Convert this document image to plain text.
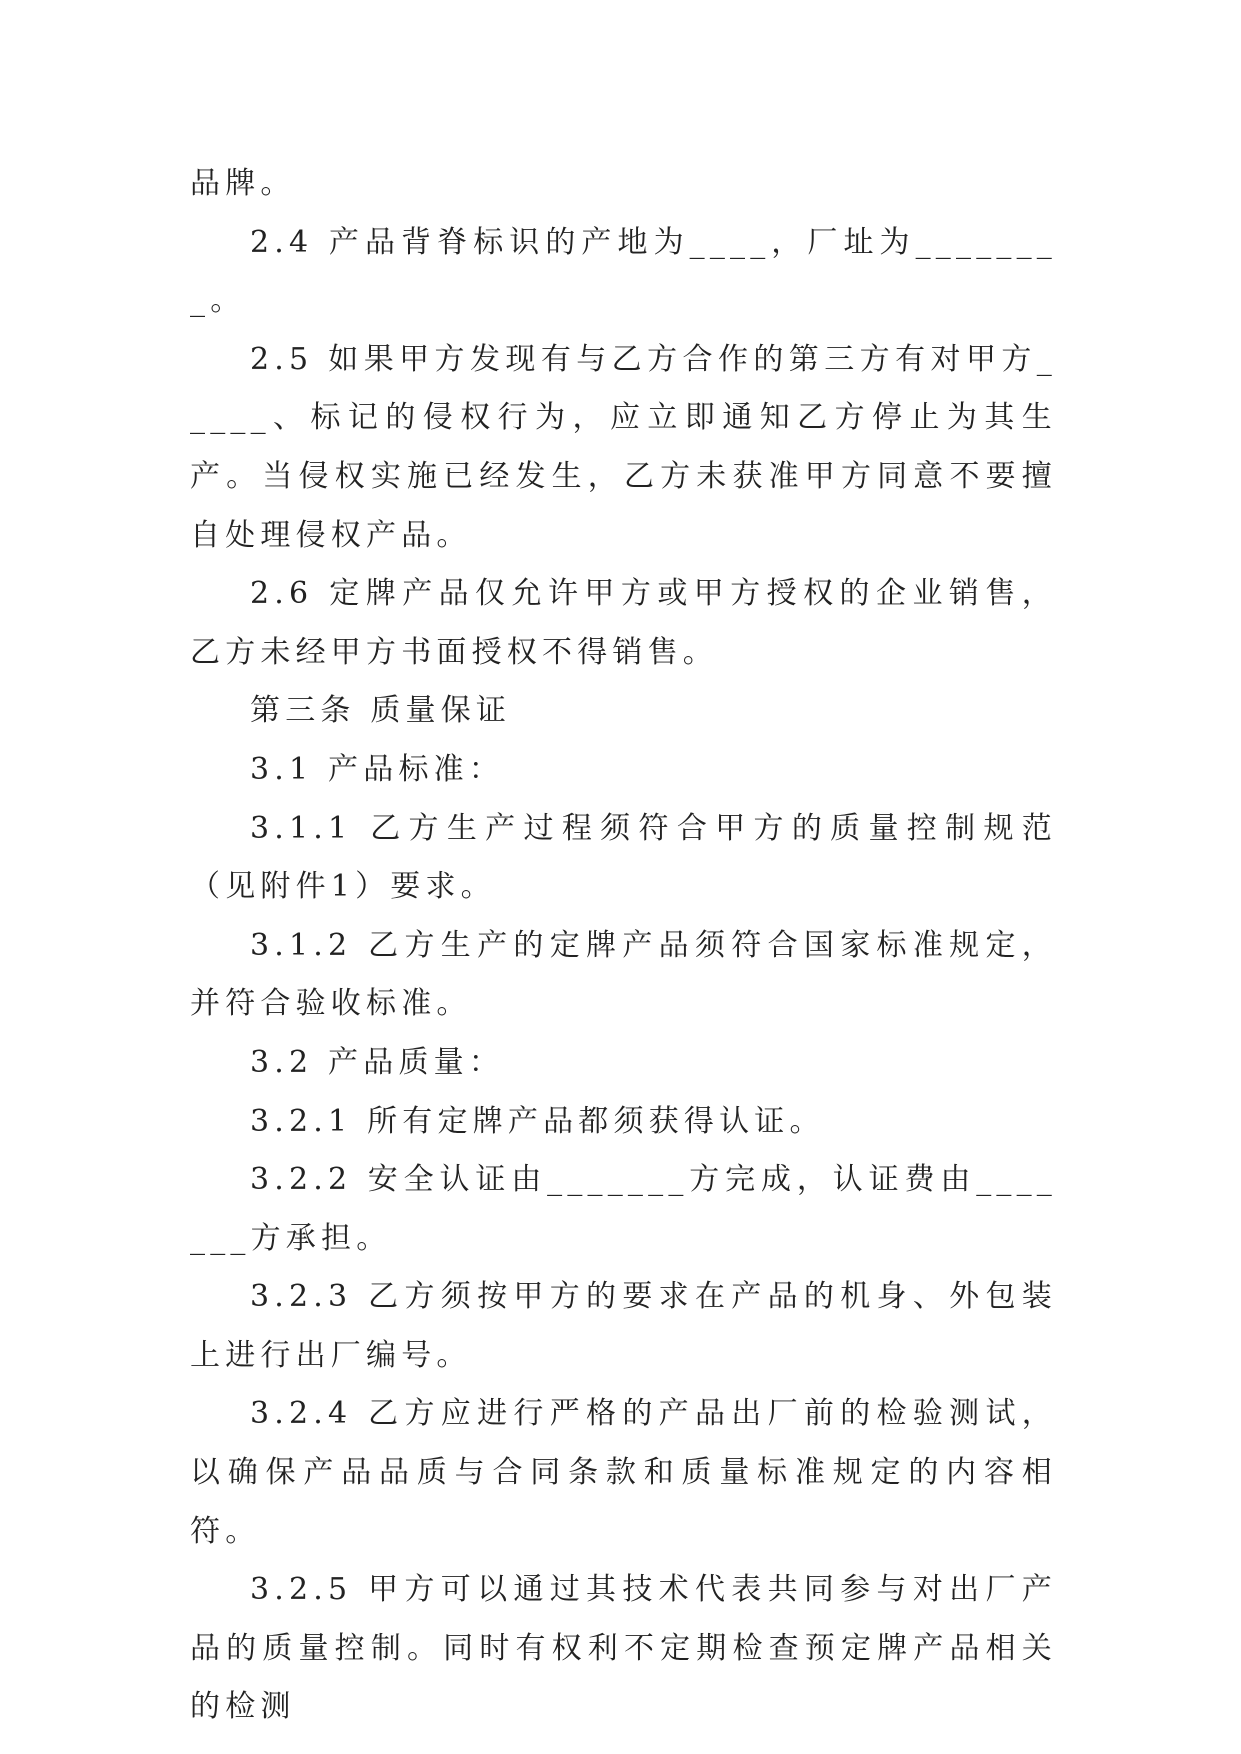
品牌。

2.4 产品背脊标识的产地为____，厂址为________。

2.5 如果甲方发现有与乙方合作的第三方有对甲方_____、标记的侵权行为，应立即通知乙方停止为其生产。当侵权实施已经发生，乙方未获准甲方同意不要擅自处理侵权产品。

2.6 定牌产品仅允许甲方或甲方授权的企业销售，乙方未经甲方书面授权不得销售。

第三条 质量保证

3.1 产品标准：

3.1.1 乙方生产过程须符合甲方的质量控制规范（见附件1）要求。

3.1.2 乙方生产的定牌产品须符合国家标准规定，并符合验收标准。

3.2 产品质量：

3.2.1 所有定牌产品都须获得认证。

3.2.2 安全认证由_______方完成，认证费由_______方承担。

3.2.3 乙方须按甲方的要求在产品的机身、外包装上进行出厂编号。

3.2.4 乙方应进行严格的产品出厂前的检验测试，以确保产品品质与合同条款和质量标准规定的内容相符。

3.2.5 甲方可以通过其技术代表共同参与对出厂产品的质量控制。同时有权利不定期检查预定牌产品相关的检测
